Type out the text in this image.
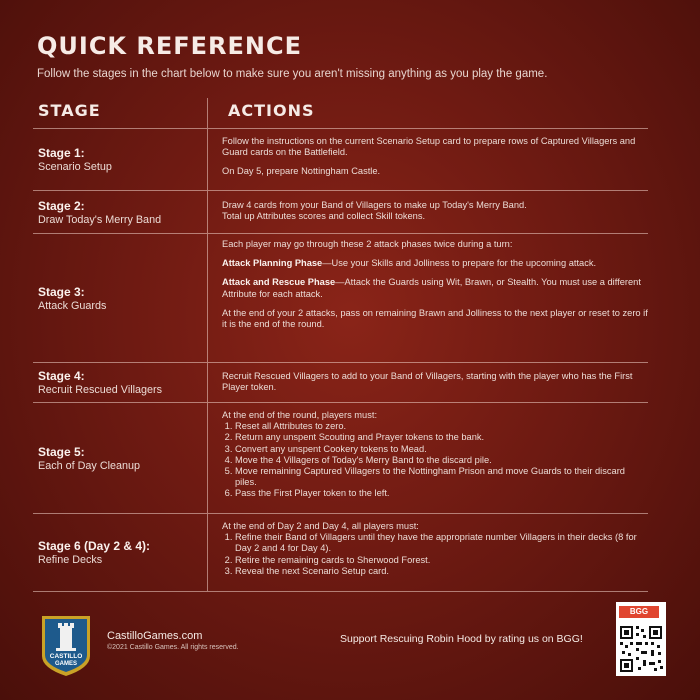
QUICK REFERENCE
Follow the stages in the chart below to make sure you aren't missing anything as you play the game.
STAGE	ACTIONS
Stage 1:
Scenario Setup

Follow the instructions on the current Scenario Setup card to prepare rows of Captured Villagers and Guard cards on the Battlefield.

On Day 5, prepare Nottingham Castle.

Stage 2:
Draw Today's Merry Band

Draw 4 cards from your Band of Villagers to make up Today's Merry Band.

Total up Attributes scores and collect Skill tokens.

Stage 3:
Attack Guards

Each player may go through these 2 attack phases twice during a turn:

Attack Planning Phase—Use your Skills and Jolliness to prepare for the upcoming attack.

Attack and Rescue Phase—Attack the Guards using Wit, Brawn, or Stealth. You must use a different Attribute for each attack.

At the end of your 2 attacks, pass on remaining Brawn and Jolliness to the next player or reset to zero if it is the end of the round.

Stage 4:
Recruit Rescued Villagers

Recruit Rescued Villagers to add to your Band of Villagers, starting with the player who has the First Player token.

Stage 5:
Each of Day Cleanup

At the end of the round, players must:

1. Reset all Attributes to zero.
2. Return any unspent Scouting and Prayer tokens to the bank.
3. Convert any unspent Cookery tokens to Mead.
4. Move the 4 Villagers of Today's Merry Band to the discard pile.
5. Move remaining Captured Villagers to the Nottingham Prison and move Guards to their discard piles.
6. Pass the First Player token to the left.
Stage 6 (Day 2 & 4):
Refine Decks

At the end of Day 2 and Day 4, all players must:

1. Refine their Band of Villagers until they have the appropriate number Villagers in their decks (8 for Day 2 and 4 for Day 4).
2. Retire the remaining cards to Sherwood Forest.
3. Reveal the next Scenario Setup card.
CASTILLO
GAMES
CastilloGames.com
©2021 Castillo Games. All rights reserved.
Support Rescuing Robin Hood by rating us on BGG!
BGG
